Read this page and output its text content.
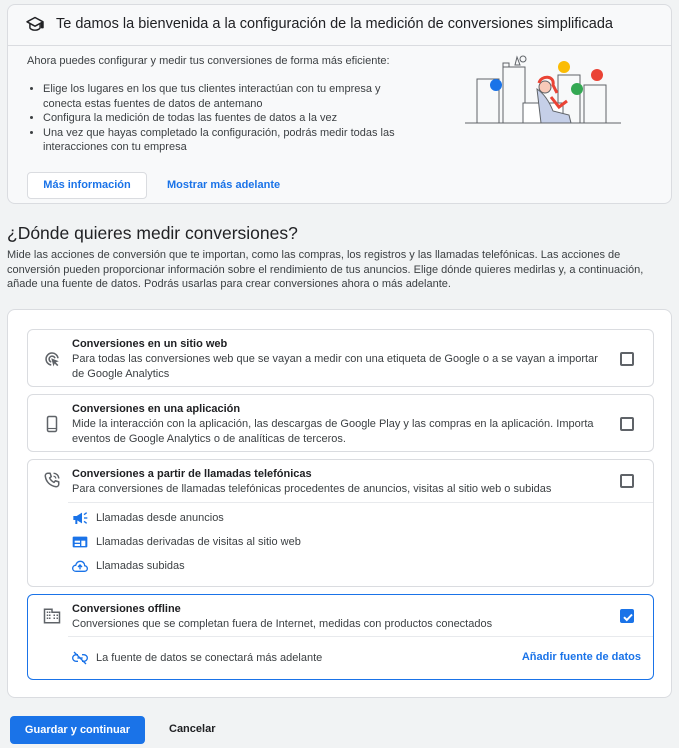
Te damos la bienvenida a la configuración de la medición de conversiones simplificada
Ahora puedes configurar y medir tus conversiones de forma más eficiente:
• Elige los lugares en los que tus clientes interactúan con tu empresa y conecta estas fuentes de datos de antemano
• Configura la medición de todas las fuentes de datos a la vez
• Una vez que hayas completado la configuración, podrás medir todas las interacciones con tu empresa
Más información	Mostrar más adelante
¿Dónde quieres medir conversiones?
Mide las acciones de conversión que te importan, como las compras, los registros y las llamadas telefónicas. Las acciones de conversión pueden proporcionar información sobre el rendimiento de tus anuncios. Elige dónde quieres medirlas y, a continuación, añade una fuente de datos. Podrás usarlas para crear conversiones ahora o más adelante.
Conversiones en un sitio web
Para todas las conversiones web que se vayan a medir con una etiqueta de Google o a se vayan a importar de Google Analytics
Conversiones en una aplicación
Mide la interacción con la aplicación, las descargas de Google Play y las compras en la aplicación. Importa eventos de Google Analytics o de analíticas de terceros.
Conversiones a partir de llamadas telefónicas
Para conversiones de llamadas telefónicas procedentes de anuncios, visitas al sitio web o subidas
Llamadas desde anuncios
Llamadas derivadas de visitas al sitio web
Llamadas subidas
Conversiones offline
Conversiones que se completan fuera de Internet, medidas con productos conectados
La fuente de datos se conectará más adelante	Añadir fuente de datos
Guardar y continuar	Cancelar
